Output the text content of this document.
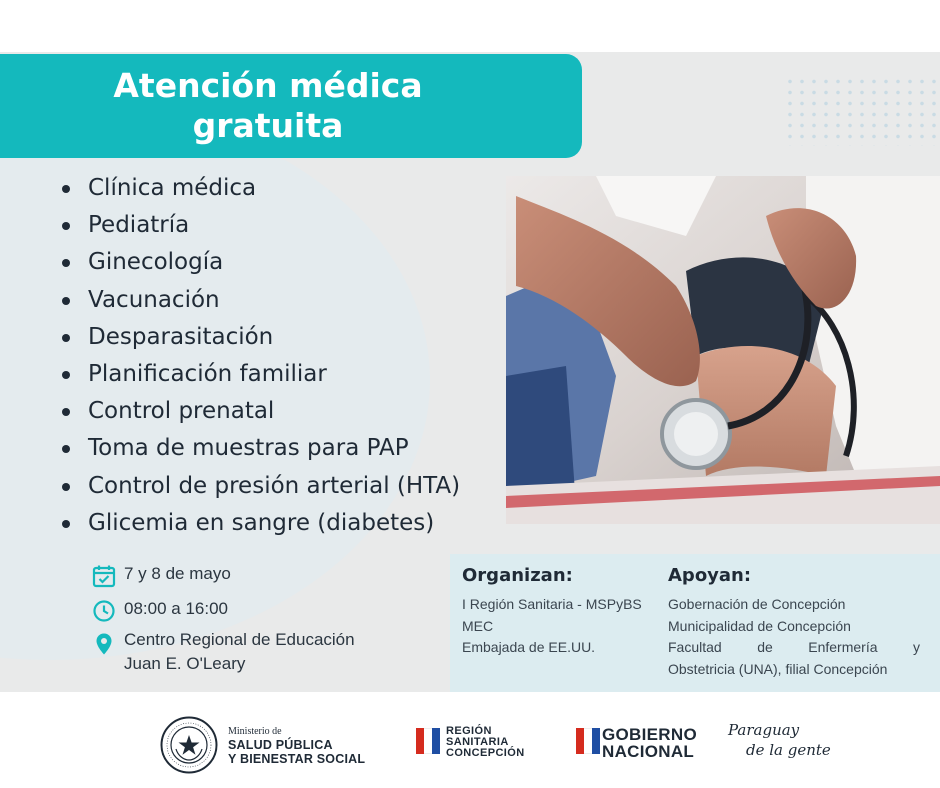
Atención médica
gratuita
Clínica médica
Pediatría
Ginecología
Vacunación
Desparasitación
Planificación familiar
Control prenatal
Toma de muestras para PAP
Control de presión arterial (HTA)
Glicemia en sangre (diabetes)
7 y 8 de mayo
08:00 a 16:00
Centro Regional de Educación
Juan E. O'Leary
Organizan:
I Región Sanitaria - MSPyBS
MEC
Embajada de EE.UU.
Apoyan:
Gobernación de Concepción
Municipalidad de Concepción
Facultad	de	Enfermería	y
Obstetricia (UNA), filial Concepción
Ministerio de
SALUD PÚBLICA
Y BIENESTAR SOCIAL
REGIÓN
SANITARIA
CONCEPCIÓN
GOBIERNO
NACIONAL
Paraguay
de la gente
